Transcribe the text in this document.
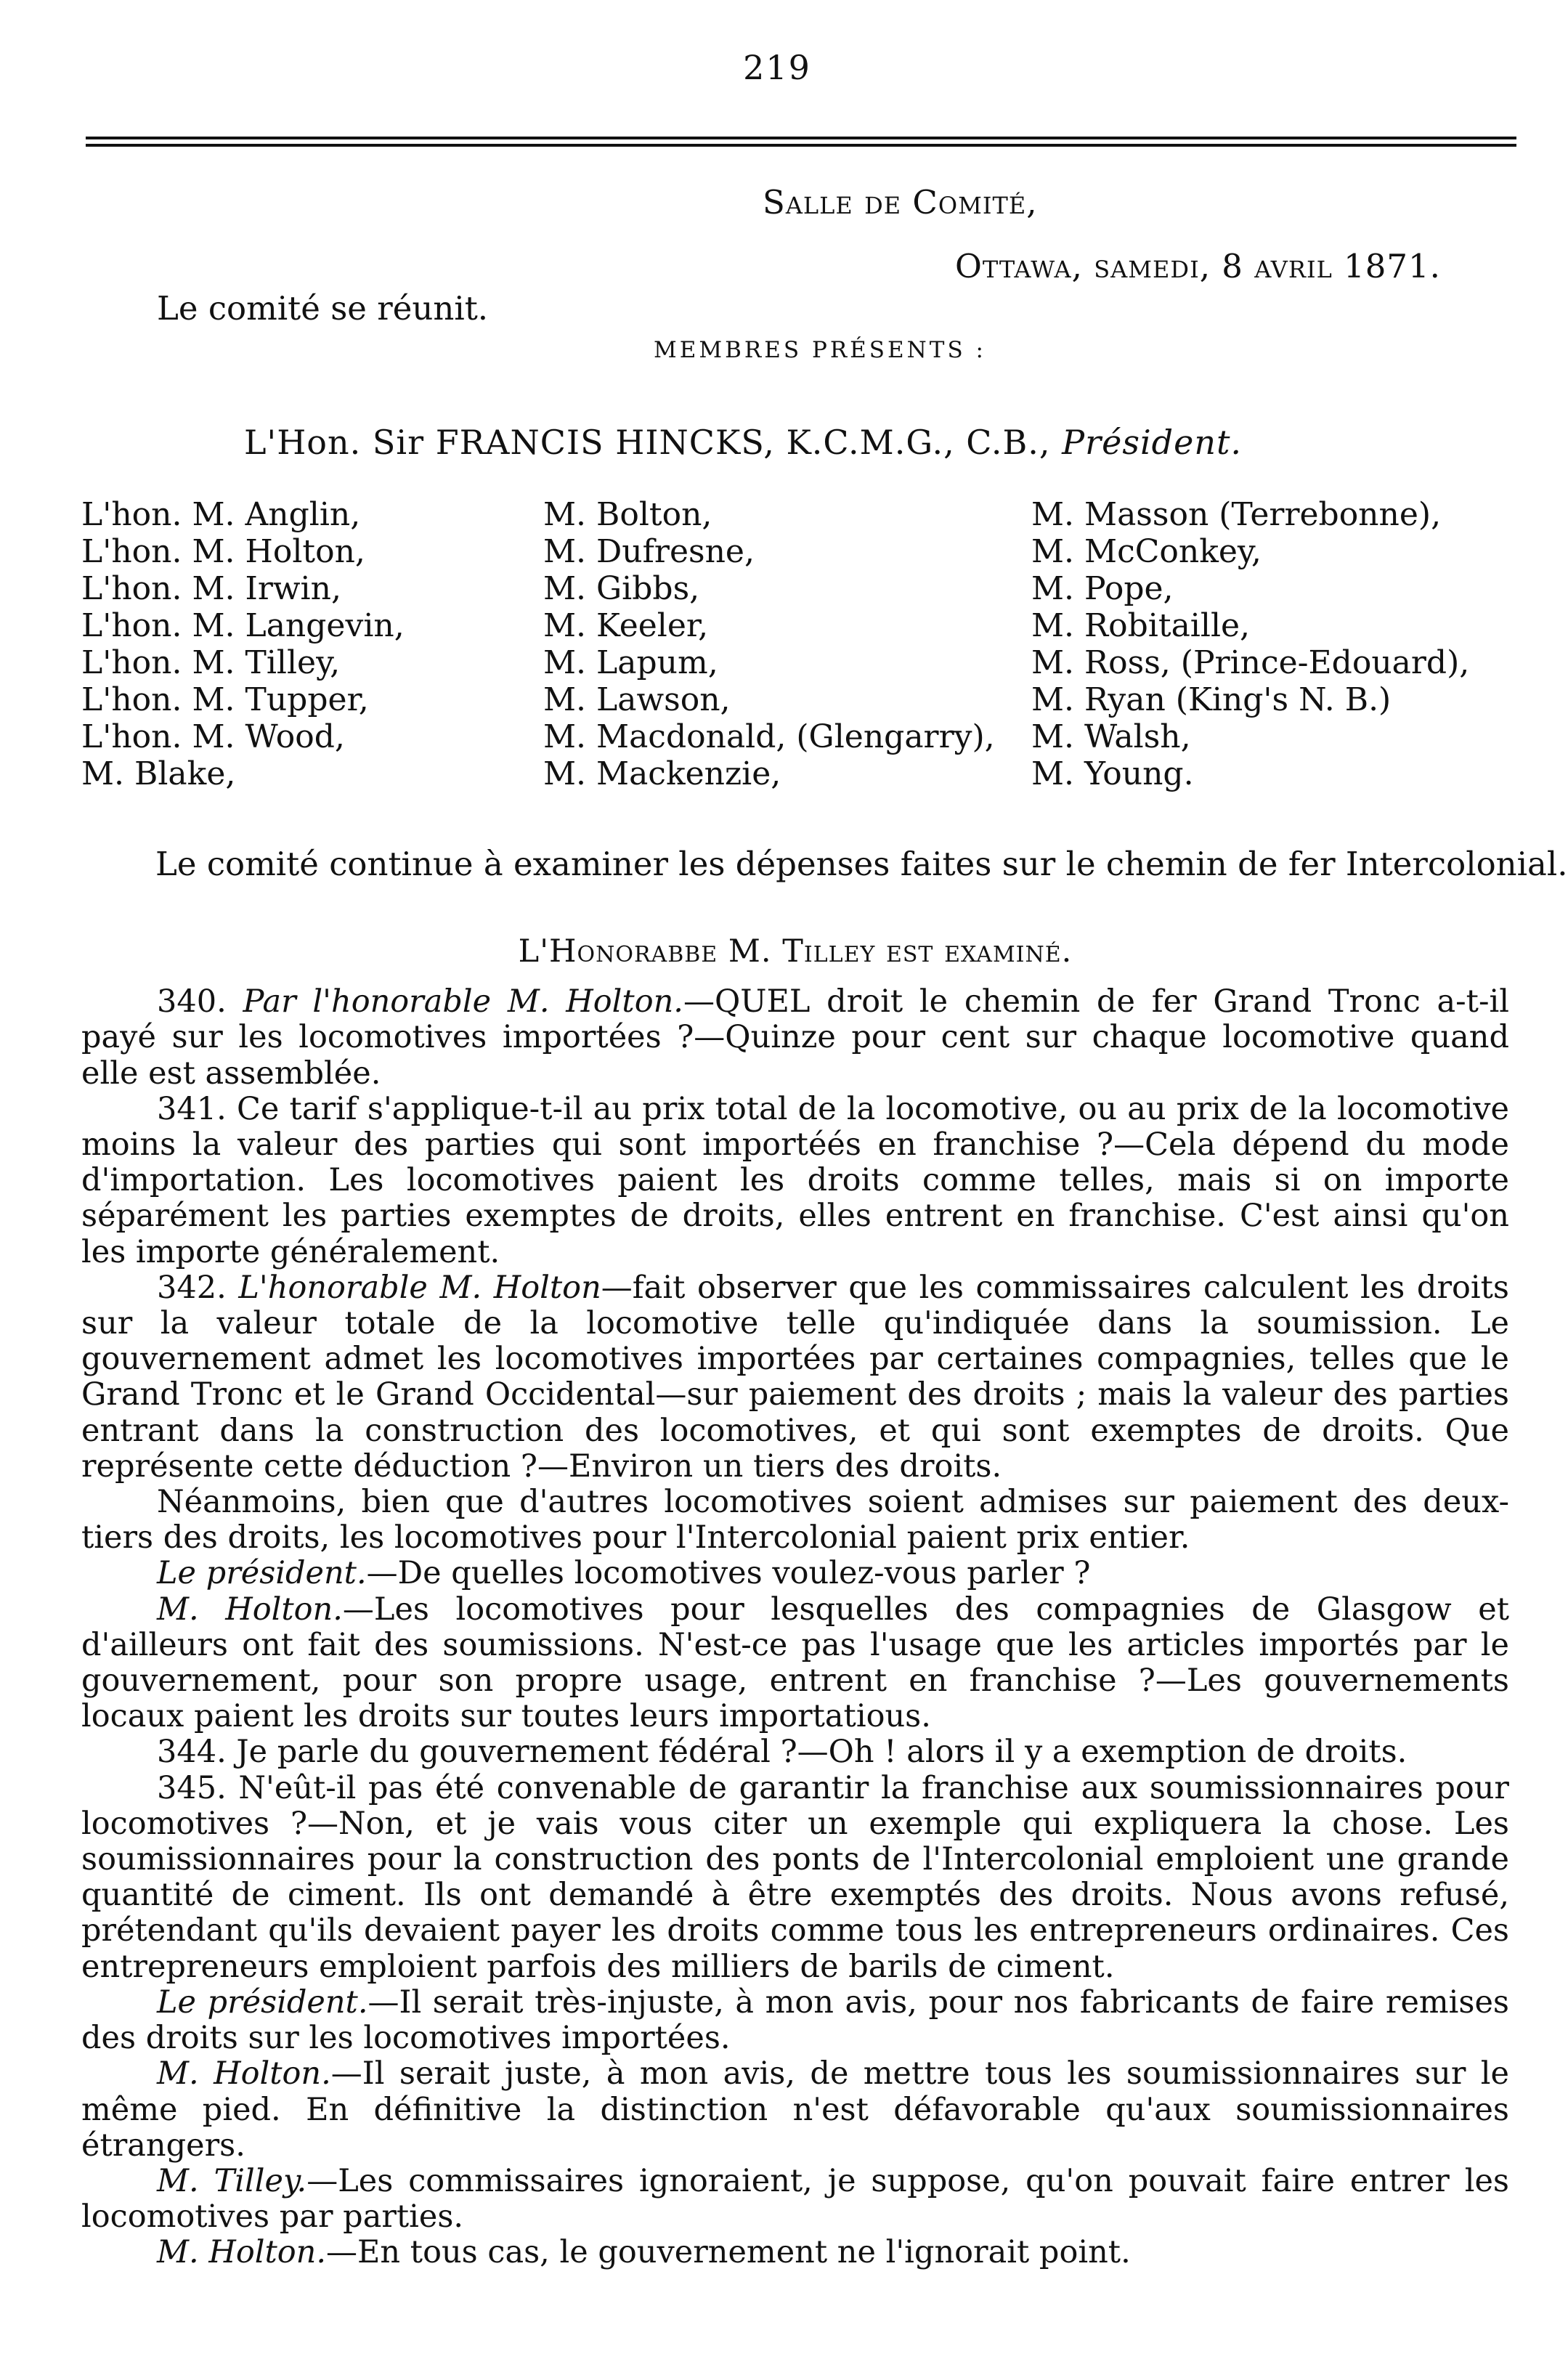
219
Salle de Comité,
Ottawa, samedi, 8 avril 1871.
Le comité se réunit.
MEMBRES PRÉSENTS :
L'Hon. Sir FRANCIS HINCKS, K.C.M.G., C.B., Président.
L'hon. M. Anglin,
L'hon. M. Holton,
L'hon. M. Irwin,
L'hon. M. Langevin,
L'hon. M. Tilley,
L'hon. M. Tupper,
L'hon. M. Wood,
M. Blake,
M. Bolton,
M. Dufresne,
M. Gibbs,
M. Keeler,
M. Lapum,
M. Lawson,
M. Macdonald, (Glengarry),
M. Mackenzie,
M. Masson (Terrebonne),
M. McConkey,
M. Pope,
M. Robitaille,
M. Ross, (Prince-Edouard),
M. Ryan (King's N. B.)
M. Walsh,
M. Young.
Le comité continue à examiner les dépenses faites sur le chemin de fer Intercolonial.

L'Honorabbe M. Tilley est examiné.

340. Par l'honorable M. Holton.—QUEL droit le chemin de fer Grand Tronc a-t-il payé sur les locomotives importées ?—Quinze pour cent sur chaque locomotive quand elle est assemblée.

341. Ce tarif s'applique-t-il au prix total de la locomotive, ou au prix de la locomotive moins la valeur des parties qui sont importéés en franchise ?—Cela dépend du mode d'importation. Les locomotives paient les droits comme telles, mais si on importe séparément les parties exemptes de droits, elles entrent en franchise. C'est ainsi qu'on les importe généralement.

342. L'honorable M. Holton—fait observer que les commissaires calculent les droits sur la valeur totale de la locomotive telle qu'indiquée dans la soumission. Le gouvernement admet les locomotives importées par certaines compagnies, telles que le Grand Tronc et le Grand Occidental—sur paiement des droits ; mais la valeur des parties entrant dans la construction des locomotives, et qui sont exemptes de droits. Que représente cette déduction ?—Environ un tiers des droits.

Néanmoins, bien que d'autres locomotives soient admises sur paiement des deux-tiers des droits, les locomotives pour l'Intercolonial paient prix entier.

Le président.—De quelles locomotives voulez-vous parler ?

M. Holton.—Les locomotives pour lesquelles des compagnies de Glasgow et d'ailleurs ont fait des soumissions. N'est-ce pas l'usage que les articles importés par le gouvernement, pour son propre usage, entrent en franchise ?—Les gouvernements locaux paient les droits sur toutes leurs importatious.

344. Je parle du gouvernement fédéral ?—Oh ! alors il y a exemption de droits.

345. N'eût-il pas été convenable de garantir la franchise aux soumissionnaires pour locomotives ?—Non, et je vais vous citer un exemple qui expliquera la chose. Les soumissionnaires pour la construction des ponts de l'Intercolonial emploient une grande quantité de ciment. Ils ont demandé à être exemptés des droits. Nous avons refusé, prétendant qu'ils devaient payer les droits comme tous les entrepreneurs ordinaires. Ces entrepreneurs emploient parfois des milliers de barils de ciment.

Le président.—Il serait très-injuste, à mon avis, pour nos fabricants de faire remises des droits sur les locomotives importées.

M. Holton.—Il serait juste, à mon avis, de mettre tous les soumissionnaires sur le même pied. En définitive la distinction n'est défavorable qu'aux soumissionnaires étrangers.

M. Tilley.—Les commissaires ignoraient, je suppose, qu'on pouvait faire entrer les locomotives par parties.

M. Holton.—En tous cas, le gouvernement ne l'ignorait point.
